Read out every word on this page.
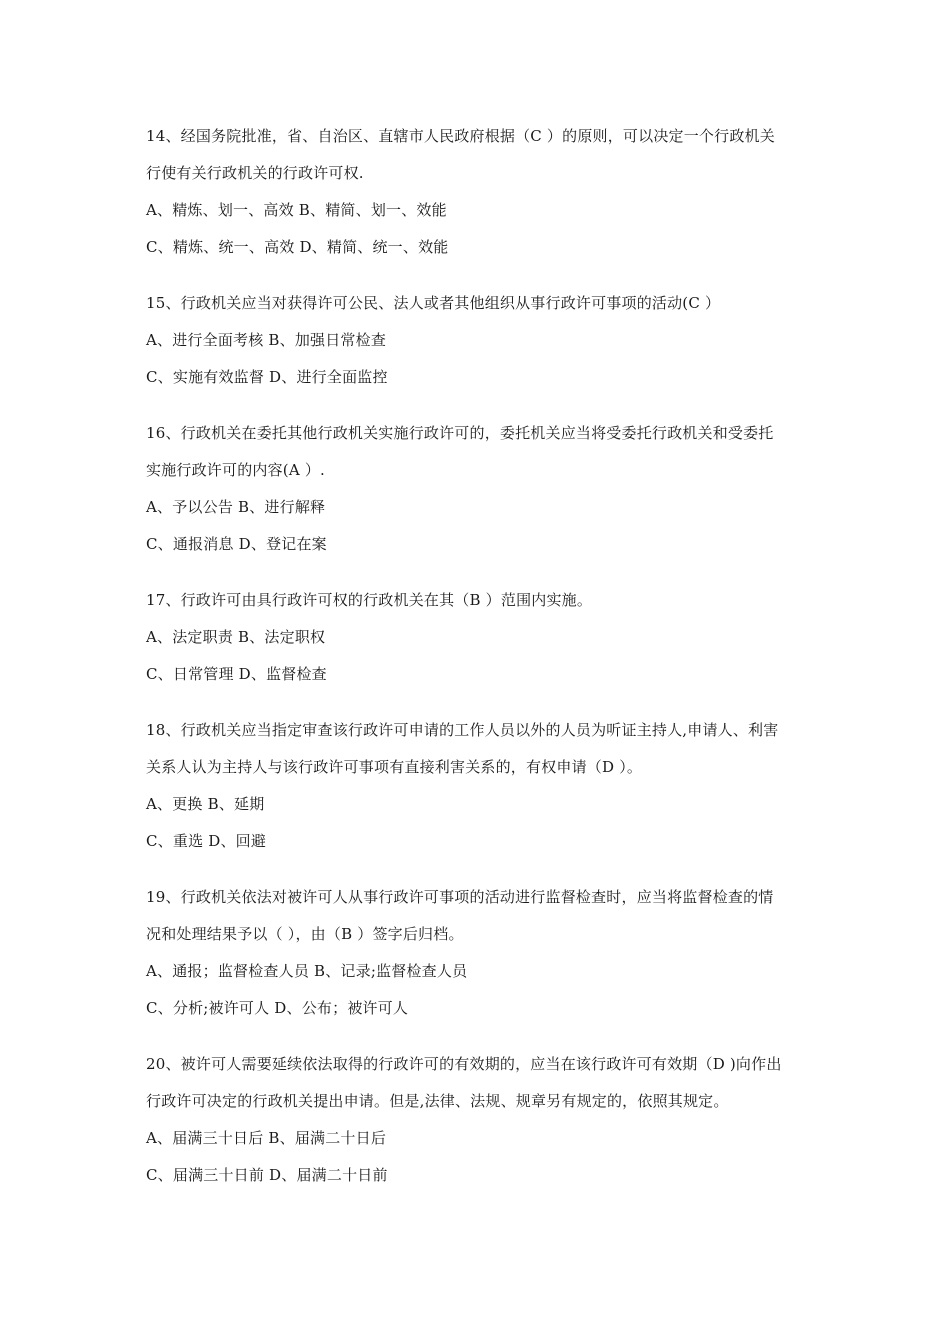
14、经国务院批准，省、自治区、直辖市人民政府根据（C ）的原则，可以决定一个行政机关
行使有关行政机关的行政许可权.
A、精炼、划一、高效 B、精简、划一、效能
C、精炼、统一、高效 D、精简、统一、效能
15、行政机关应当对获得许可公民、法人或者其他组织从事行政许可事项的活动(C ）
A、进行全面考核 B、加强日常检查
C、实施有效监督 D、进行全面监控
16、行政机关在委托其他行政机关实施行政许可的，委托机关应当将受委托行政机关和受委托
实施行政许可的内容(A ）.
A、予以公告 B、进行解释
C、通报消息 D、登记在案
17、行政许可由具行政许可权的行政机关在其（B ）范围内实施。
A、法定职责 B、法定职权
C、日常管理 D、监督检查
18、行政机关应当指定审查该行政许可申请的工作人员以外的人员为听证主持人,申请人、利害
关系人认为主持人与该行政许可事项有直接利害关系的，有权申请（D ）。
A、更换 B、延期
C、重选 D、回避
19、行政机关依法对被许可人从事行政许可事项的活动进行监督检查时，应当将监督检查的情
况和处理结果予以（ ），由（B ）签字后归档。
A、通报；监督检查人员 B、记录;监督检查人员
C、分析;被许可人 D、公布；被许可人
20、被许可人需要延续依法取得的行政许可的有效期的，应当在该行政许可有效期（D )向作出
行政许可决定的行政机关提出申请。但是,法律、法规、规章另有规定的，依照其规定。
A、届满三十日后 B、届满二十日后
C、届满三十日前 D、届满二十日前
